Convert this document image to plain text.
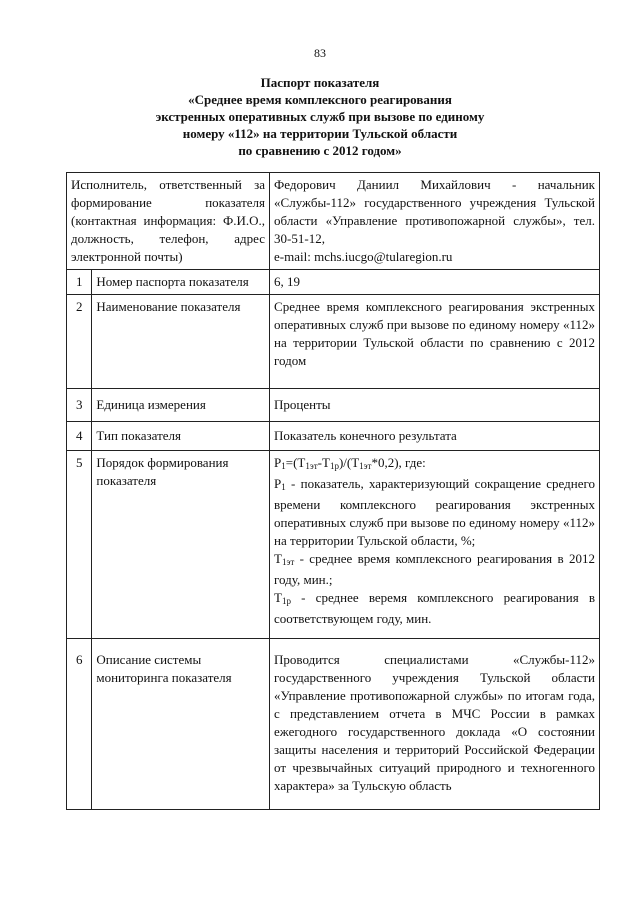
83
Паспорт показателя
«Среднее время комплексного реагирования
экстренных оперативных служб при вызове по единому
номеру «112» на территории Тульской области
по сравнению с 2012 годом»
Исполнитель, ответственный за формирование показателя (контактная информация: Ф.И.О., должность, телефон, адрес электронной почты)		Федорович Даниил Михайлович - начальник «Службы-112» государственного учреждения Тульской области «Управление противопожарной службы», тел. 30-51-12,

e-mail: mchs.iucgo@tularegion.ru

1	Номер паспорта показателя	6, 19
2	Наименование показателя	Среднее время комплексного реагирования экстренных оперативных служб при вызове по единому номеру «112» на территории Тульской области по сравнению с 2012 годом
3	Единица измерения	Проценты
4	Тип показателя	Показатель конечного результата
5	Порядок формирования показателя	$P_1=(T_{1эт}-T_{1р})/(T_{1эт}*0,2)$, где:

$P_1$ - показатель, характеризующий сокращение среднего времени комплексного реагирования экстренных оперативных служб при вызове по единому номеру «112» на территории Тульской области, %;

$T_{1эт}$ - среднее время комплексного реагирования в 2012 году, мин.;

$T_{1р}$ - среднее веремя комплексного реагирования в соответствующем году, мин.

6	Описание системы мониторинга показателя	Проводится специалистами «Службы-112» государственного учреждения Тульской области «Управление противопожарной службы» по итогам года, с представлением отчета в МЧС России в рамках ежегодного государственного доклада «О состоянии защиты населения и территорий Российской Федерации от чрезвычайных ситуаций природного и техногенного характера» за Тульскую область
